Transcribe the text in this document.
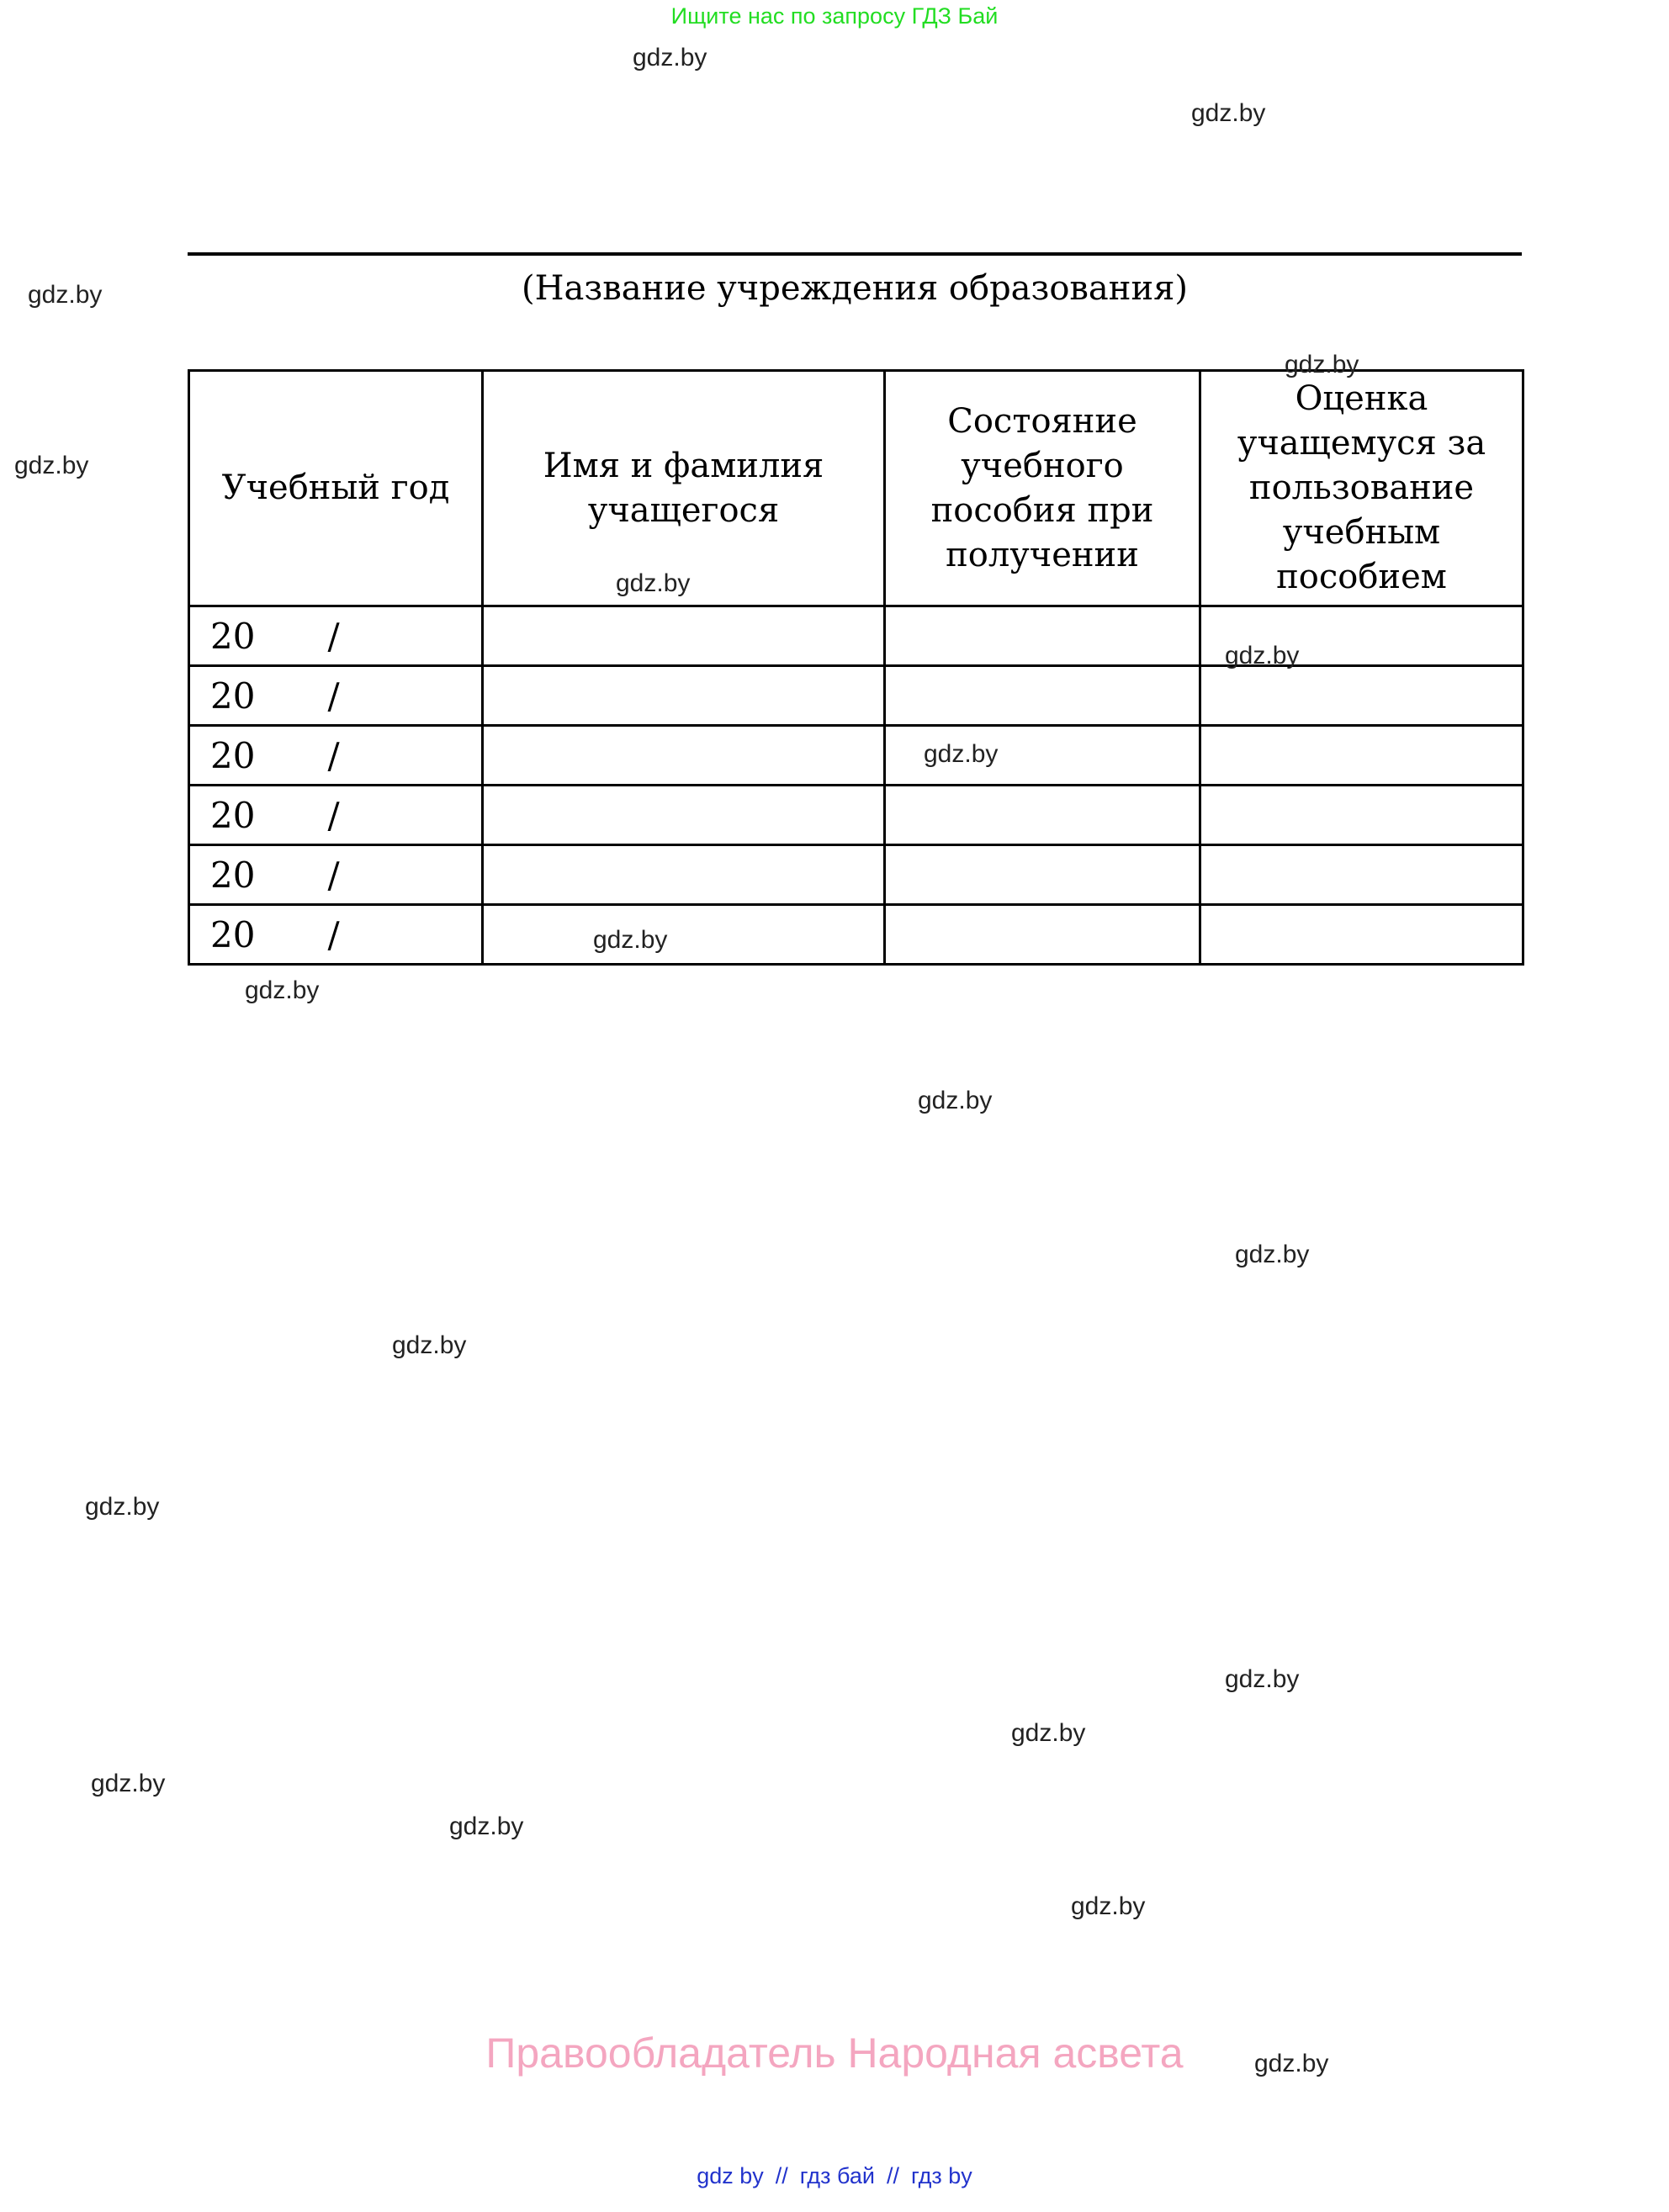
Ищите нас по запросу ГДЗ Бай
(Название учреждения образования)
Учебный год	Имя и фамилия учащегося	Состояние учебного пособия при получении	Оценка учащемуся за пользование учебным пособием
20 /			
20 /			
20 /			
20 /			
20 /			
20 /			
gdz.by
gdz.by
gdz.by
gdz.by
gdz.by
gdz.by
gdz.by
gdz.by
gdz.by
gdz.by
gdz.by
gdz.by
gdz.by
gdz.by
gdz.by
gdz.by
gdz.by
gdz.by
gdz.by
gdz.by
Правообладатель Народная асвета
gdz by // гдз бай // гдз by
